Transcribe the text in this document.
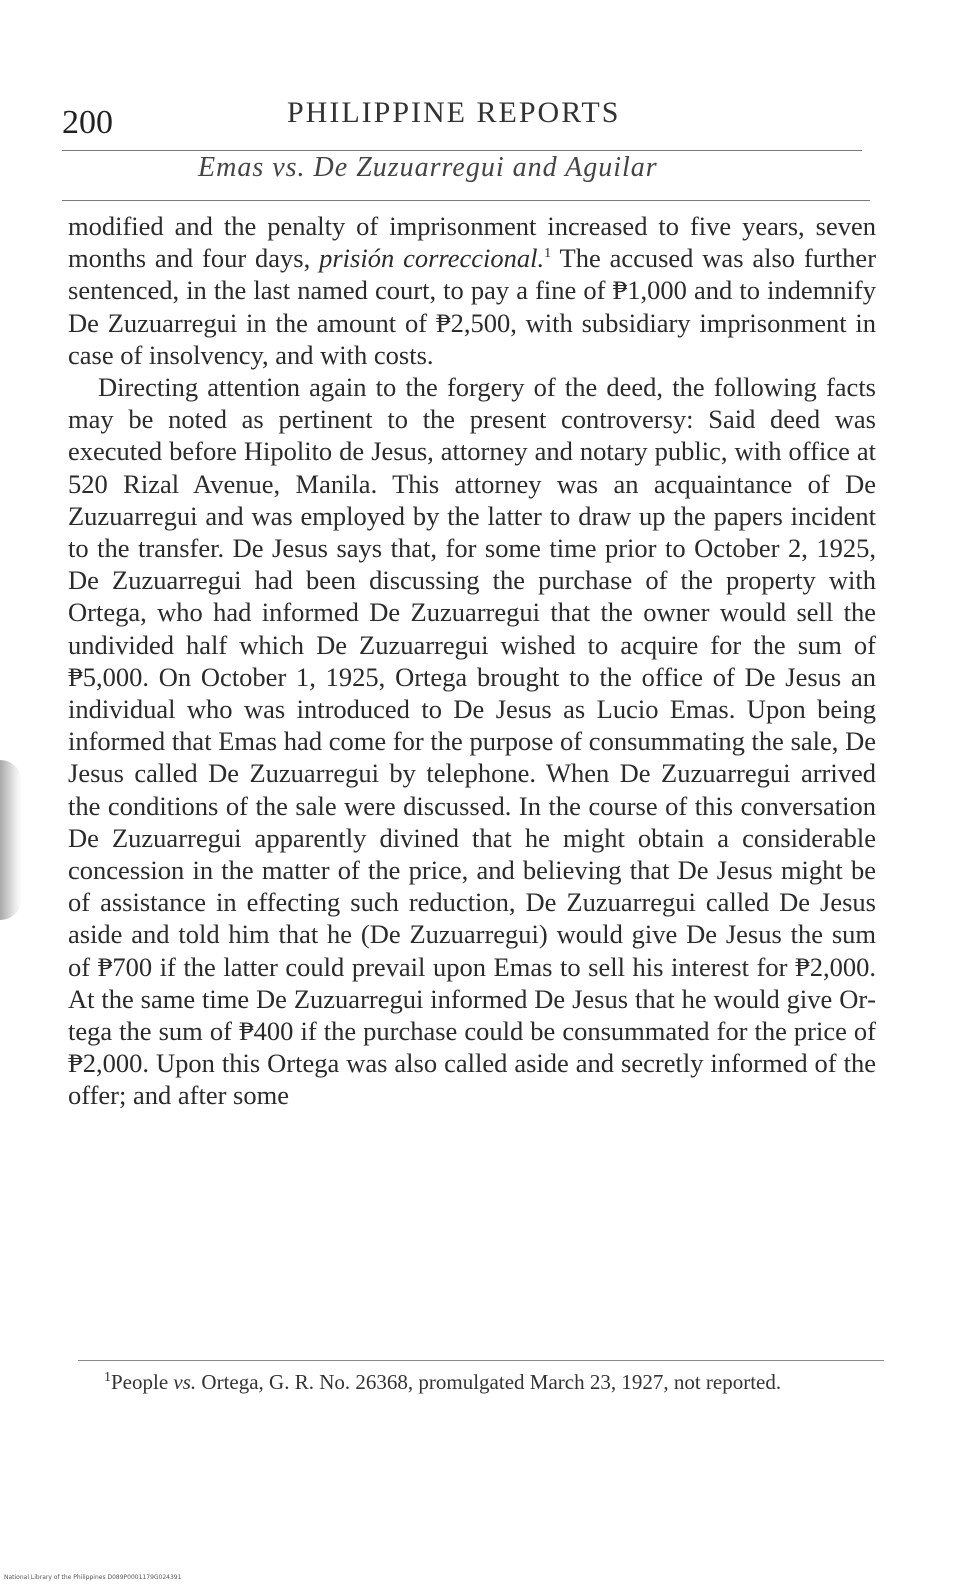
200	PHILIPPINE REPORTS
Emas vs. De Zuzuarregui and Aguilar

modified and the penalty of imprisonment increased to five years, seven months and four days, prisión correccional.$^1$ The accused was also further sentenced, in the last named court, to pay a fine of ₱1,000 and to indemnify De Zuzuarregui in the amount of ₱2,500, with subsidiary imprisonment in case of insolvency, and with costs.

Directing attention again to the forgery of the deed, the following facts may be noted as pertinent to the present controversy: Said deed was executed before Hipolito de Jesus, attorney and notary public, with office at 520 Rizal Avenue, Manila. This attorney was an acquaintance of De Zuzuarregui and was employed by the latter to draw up the papers incident to the transfer. De Jesus says that, for some time prior to October 2, 1925, De Zuzuarregui had been discussing the purchase of the property with Ortega, who had informed De Zuzuarregui that the owner would sell the undivided half which De Zuzuarregui wished to acquire for the sum of ₱5,000. On October 1, 1925, Ortega brought to the office of De Jesus an individual who was introduced to De Jesus as Lucio Emas. Upon being informed that Emas had come for the purpose of consummating the sale, De Jesus called De Zuzuarregui by telephone. When De Zuzuarregui arrived the conditions of the sale were discussed. In the course of this conversation De Zuzuarregui apparently divined that he might obtain a considerable concession in the matter of the price, and believing that De Jesus might be of assistance in effecting such reduction, De Zuzuarregui called De Jesus aside and told him that he (De Zuzuarregui) would give De Jesus the sum of ₱700 if the latter could prevail upon Emas to sell his interest for ₱2,000. At the same time De Zuzuarregui informed De Jesus that he would give Ortega the sum of ₱400 if the purchase could be consummated for the price of ₱2,000. Upon this Ortega was also called aside and secretly informed of the offer; and after some

$^1$People vs. Ortega, G. R. No. 26368, promulgated March 23, 1927, not reported.

National Library of the Philippines D089P0001179G024391
